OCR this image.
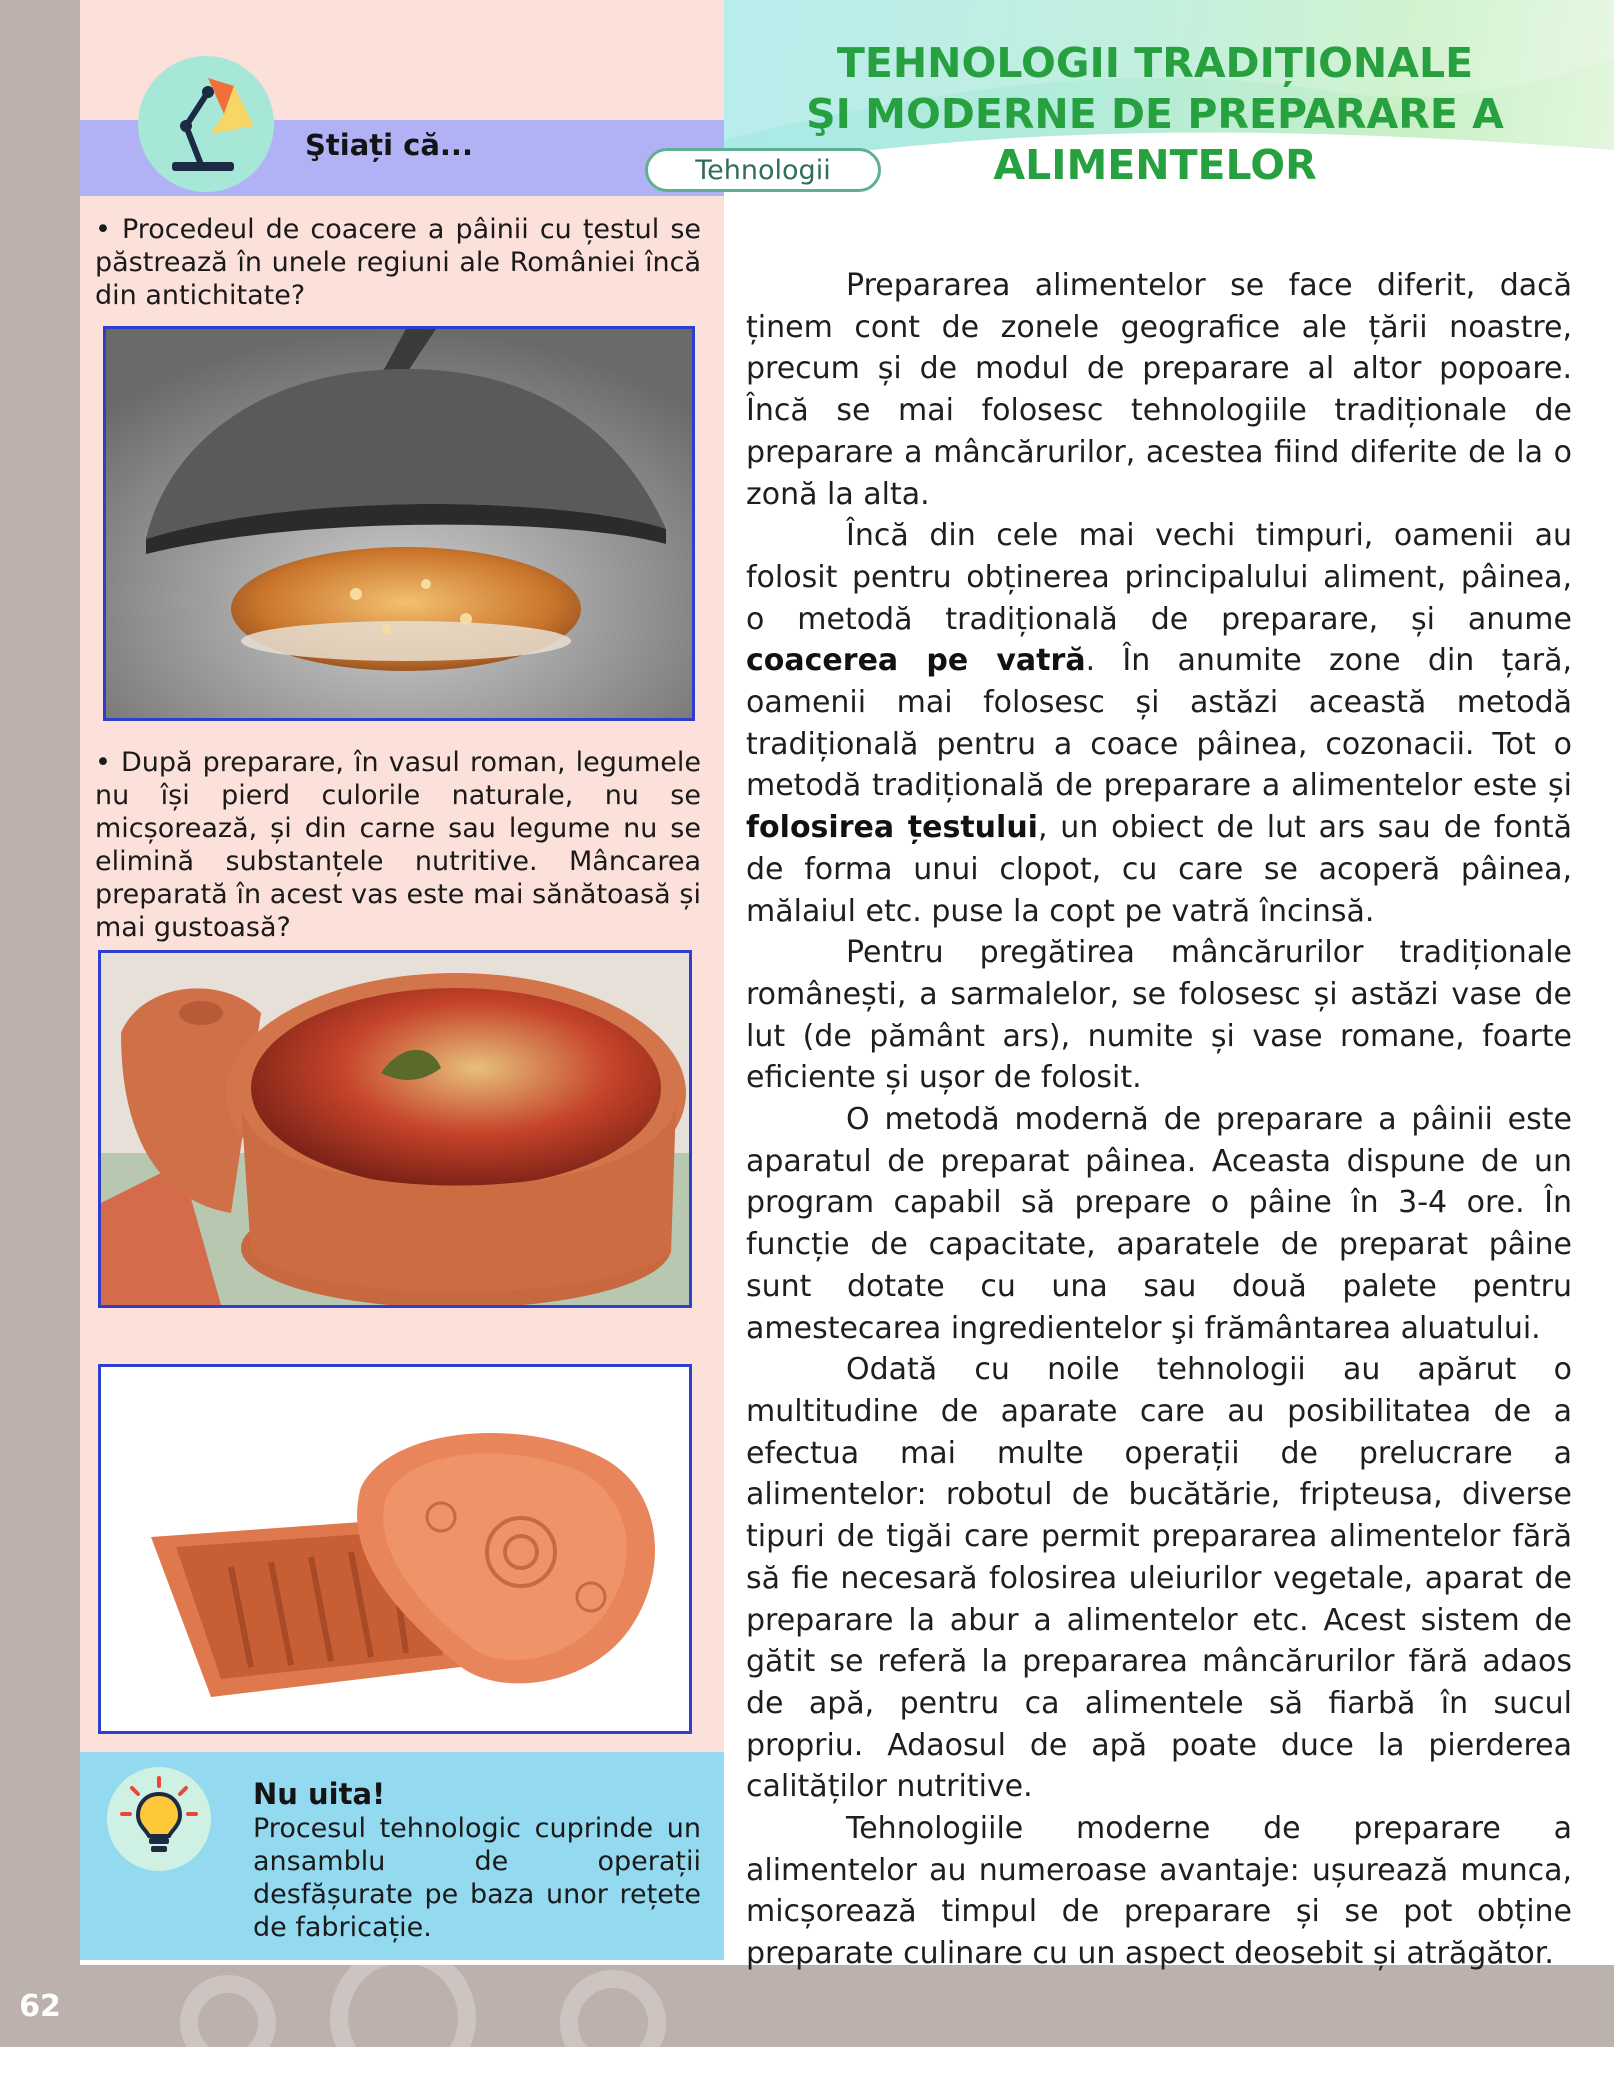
62
Ştiați că...

• Procedeul de coacere a pâinii cu țestul se păstrează în unele regiuni ale României încă din antichitate?

• După preparare, în vasul roman, legumele nu își pierd culorile naturale, nu se micșorează, și din carne sau legume nu se elimină substanțele nutritive. Mâncarea preparată în acest vas este mai sănătoasă și mai gustoasă?

Nu uita!

Procesul tehnologic cuprinde un ansamblu de operații desfășurate pe baza unor rețete de fabricație.

Tehnologii
TEHNOLOGII TRADIȚIONALE
ŞI MODERNE DE PREPARARE A
ALIMENTELOR

Prepararea alimentelor se face diferit, dacă ținem cont de zonele geografice ale țării noastre, precum și de modul de preparare al altor popoare. Încă se mai folosesc tehnologiile tradiționale de preparare a mâncărurilor, acestea fiind diferite de la o zonă la alta.

Încă din cele mai vechi timpuri, oamenii au folosit pentru obținerea principalului aliment, pâinea, o metodă tradițională de preparare, și anume coacerea pe vatră. În anumite zone din țară, oamenii mai folosesc și astăzi această metodă tradițională pentru a coace pâinea, cozonacii. Tot o metodă tradițională de preparare a alimentelor este și folosirea țestului, un obiect de lut ars sau de fontă de forma unui clopot, cu care se acoperă pâinea, mălaiul etc. puse la copt pe vatră încinsă.

Pentru pregătirea mâncărurilor tradiționale românești, a sarmalelor, se folosesc și astăzi vase de lut (de pământ ars), numite și vase romane, foarte eficiente și ușor de folosit.

O metodă modernă de preparare a pâinii este aparatul de preparat pâinea. Aceasta dispune de un program capabil să prepare o pâine în 3-4 ore. În funcție de capacitate, aparatele de preparat pâine sunt dotate cu una sau două palete pentru amestecarea ingredientelor şi frământarea aluatului.

Odată cu noile tehnologii au apărut o multitudine de aparate care au posibilitatea de a efectua mai multe operații de prelucrare a alimentelor: robotul de bucătărie, fripteusa, diverse tipuri de tigăi care permit prepararea alimentelor fără să fie necesară folosirea uleiurilor vegetale, aparat de preparare la abur a alimentelor etc. Acest sistem de gătit se referă la prepararea mâncărurilor fără adaos de apă, pentru ca alimentele să fiarbă în sucul propriu. Adaosul de apă poate duce la pierderea calităților nutritive.

Tehnologiile moderne de preparare a alimentelor au numeroase avantaje: ușurează munca, micșorează timpul de preparare și se pot obține preparate culinare cu un aspect deosebit și atrăgător.
